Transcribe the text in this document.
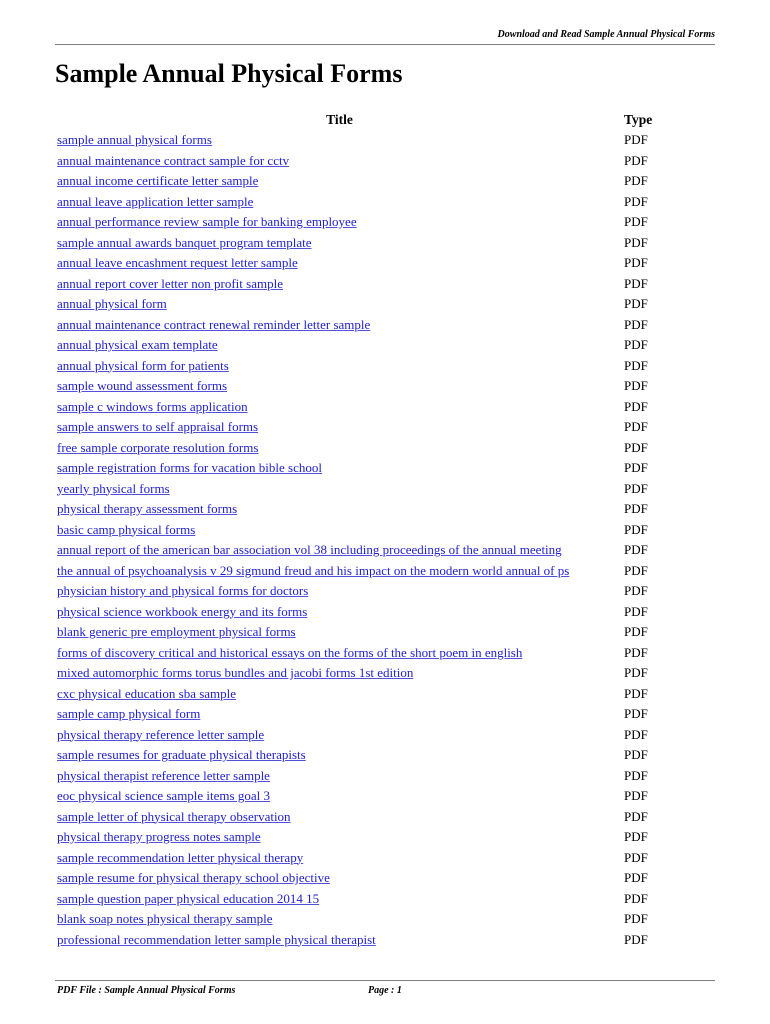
Download and Read Sample Annual Physical Forms
Sample Annual Physical Forms
Title	Type
sample annual physical forms	PDF
annual maintenance contract sample for cctv	PDF
annual income certificate letter sample	PDF
annual leave application letter sample	PDF
annual performance review sample for banking employee	PDF
sample annual awards banquet program template	PDF
annual leave encashment request letter sample	PDF
annual report cover letter non profit sample	PDF
annual physical form	PDF
annual maintenance contract renewal reminder letter sample	PDF
annual physical exam template	PDF
annual physical form for patients	PDF
sample wound assessment forms	PDF
sample c windows forms application	PDF
sample answers to self appraisal forms	PDF
free sample corporate resolution forms	PDF
sample registration forms for vacation bible school	PDF
yearly physical forms	PDF
physical therapy assessment forms	PDF
basic camp physical forms	PDF
annual report of the american bar association vol 38 including proceedings of the annual meeting	PDF
the annual of psychoanalysis v 29 sigmund freud and his impact on the modern world annual of ps	PDF
physician history and physical forms for doctors	PDF
physical science workbook energy and its forms	PDF
blank generic pre employment physical forms	PDF
forms of discovery critical and historical essays on the forms of the short poem in english	PDF
mixed automorphic forms torus bundles and jacobi forms 1st edition	PDF
cxc physical education sba sample	PDF
sample camp physical form	PDF
physical therapy reference letter sample	PDF
sample resumes for graduate physical therapists	PDF
physical therapist reference letter sample	PDF
eoc physical science sample items goal 3	PDF
sample letter of physical therapy observation	PDF
physical therapy progress notes sample	PDF
sample recommendation letter physical therapy	PDF
sample resume for physical therapy school objective	PDF
sample question paper physical education 2014 15	PDF
blank soap notes physical therapy sample	PDF
professional recommendation letter sample physical therapist	PDF
PDF File : Sample Annual Physical Forms	Page : 1
